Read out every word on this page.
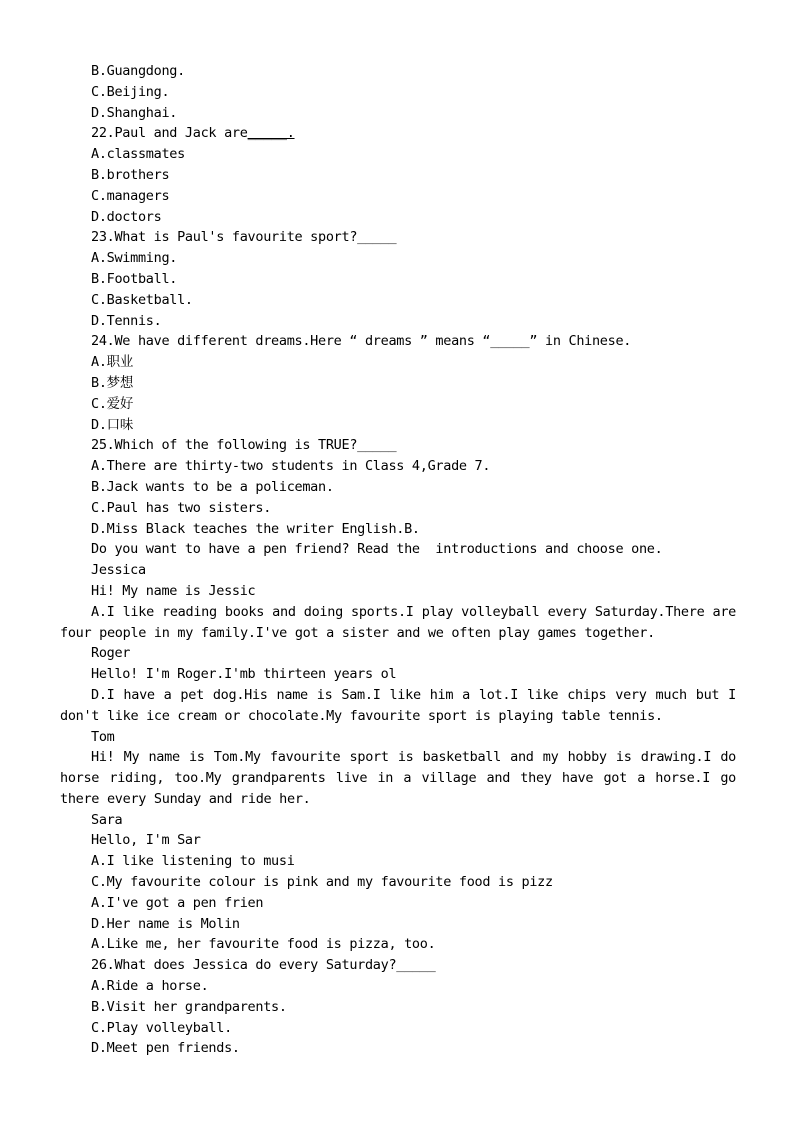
B.Guangdong.
C.Beijing.
D.Shanghai.
22.Paul and Jack are_____.
A.classmates
B.brothers
C.managers
D.doctors
23.What is Paul's favourite sport?_____
A.Swimming.
B.Football.
C.Basketball.
D.Tennis.
24.We have different dreams.Here “ dreams ” means “_____” in Chinese.
A.职业
B.梦想
C.爱好
D.口味
25.Which of the following is TRUE?_____
A.There are thirty-two students in Class 4,Grade 7.
B.Jack wants to be a policeman.
C.Paul has two sisters.
D.Miss Black teaches the writer English.B.
Do you want to have a pen friend? Read the  introductions and choose one.
Jessica
Hi! My name is Jessic
A.I like reading books and doing sports.I play volleyball every Saturday.There are four people in my family.I've got a sister and we often play games together.
Roger
Hello! I'm Roger.I'mb thirteen years ol
D.I have a pet dog.His name is Sam.I like him a lot.I like chips very much but I don't like ice cream or chocolate.My favourite sport is playing table tennis.
Tom
Hi! My name is Tom.My favourite sport is basketball and my hobby is drawing.I do horse riding, too.My grandparents live in a village and they have got a horse.I go there every Sunday and ride her.
Sara
Hello, I'm Sar
A.I like listening to musi
C.My favourite colour is pink and my favourite food is pizz
A.I've got a pen frien
D.Her name is Molin
A.Like me, her favourite food is pizza, too.
26.What does Jessica do every Saturday?_____
A.Ride a horse.
B.Visit her grandparents.
C.Play volleyball.
D.Meet pen friends.
